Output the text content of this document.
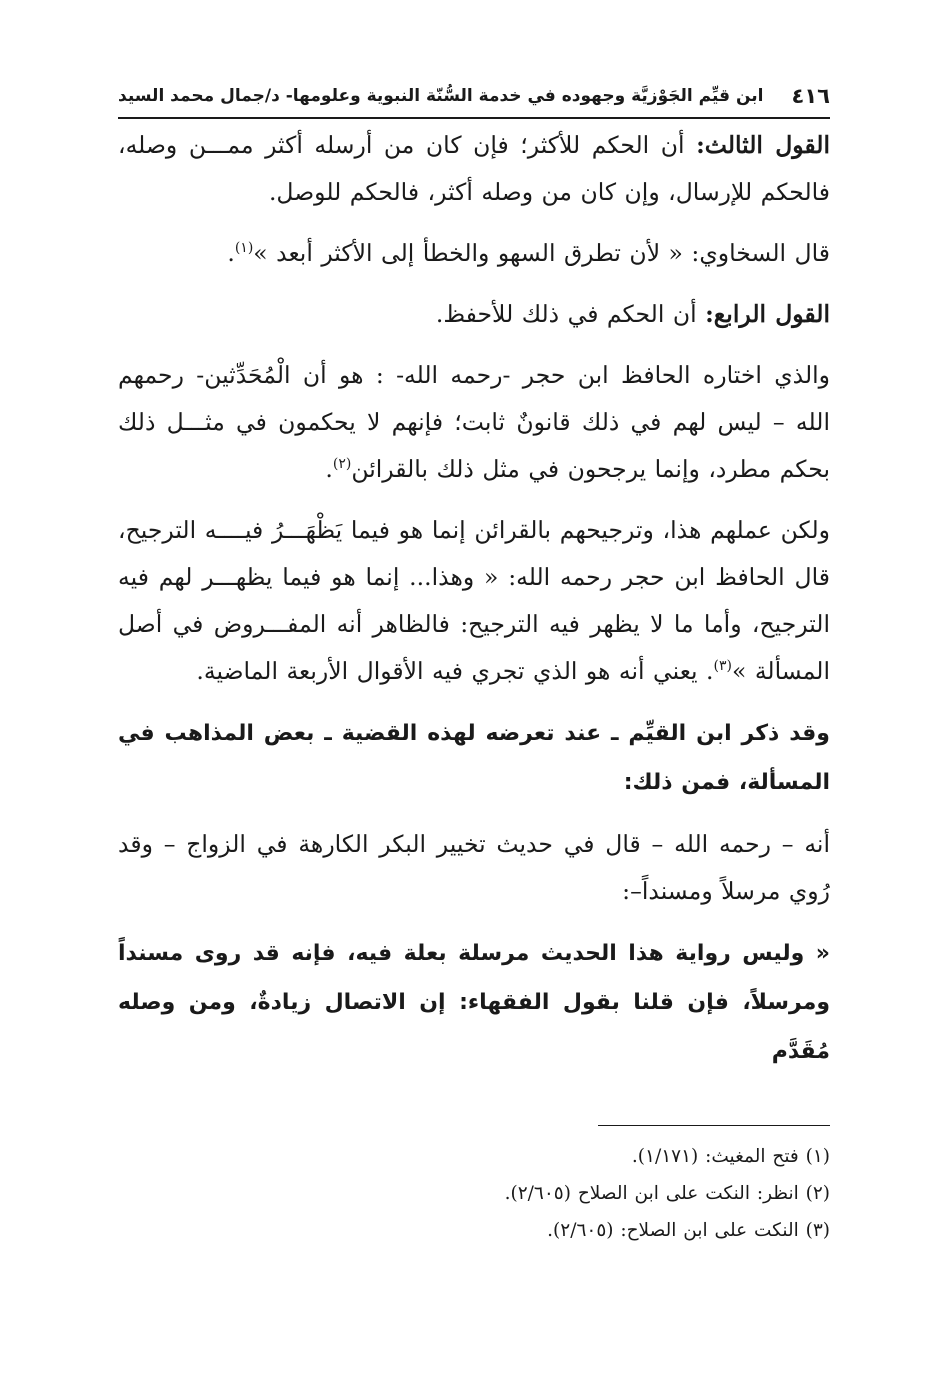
٤١٦
ابن قيِّم الجَوْزيَّة وجهوده في خدمة السُّنّة النبوية وعلومها- د/جمال محمد السيد

القول الثالث: أن الحكم للأكثر؛ فإن كان من أرسله أكثر ممـــن وصله، فالحكم للإرسال، وإن كان من وصله أكثر، فالحكم للوصل.

قال السخاوي: « لأن تطرق السهو والخطأ إلى الأكثر أبعد »$^{(١)}$.

القول الرابع: أن الحكم في ذلك للأحفظ.

والذي اختاره الحافظ ابن حجر -رحمه الله- : هو أن الْمُحَدِّثين- رحمهم الله – ليس لهم في ذلك قانونٌ ثابت؛ فإنهم لا يحكمون في مثـــل ذلك بحكم مطرد، وإنما يرجحون في مثل ذلك بالقرائن$^{(٢)}$.

ولكن عملهم هذا، وترجيحهم بالقرائن إنما هو فيما يَظْهَـــرُ فيــــه الترجيح، قال الحافظ ابن حجر رحمه الله: « وهذا... إنما هو فيما يظهـــر لهم فيه الترجيح، وأما ما لا يظهر فيه الترجيح: فالظاهر أنه المفـــروض في أصل المسألة »$^{(٣)}$. يعني أنه هو الذي تجري فيه الأقوال الأربعة الماضية.

وقد ذكر ابن القيِّم ـ عند تعرضه لهذه القضية ـ بعض المذاهب في المسألة، فمن ذلك:

أنه – رحمه الله – قال في حديث تخيير البكر الكارهة في الزواج – وقد رُوي مرسلاً ومسنداً–:

« وليس رواية هذا الحديث مرسلة بعلة فيه، فإنه قد روى مسنداً ومرسلاً، فإن قلنا بقول الفقهاء: إن الاتصال زيادةٌ، ومن وصله مُقَدَّم

(١) فتح المغيث: (١/١٧١).

(٢) انظر: النكت على ابن الصلاح (٢/٦٠٥).

(٣) النكت على ابن الصلاح: (٢/٦٠٥).
